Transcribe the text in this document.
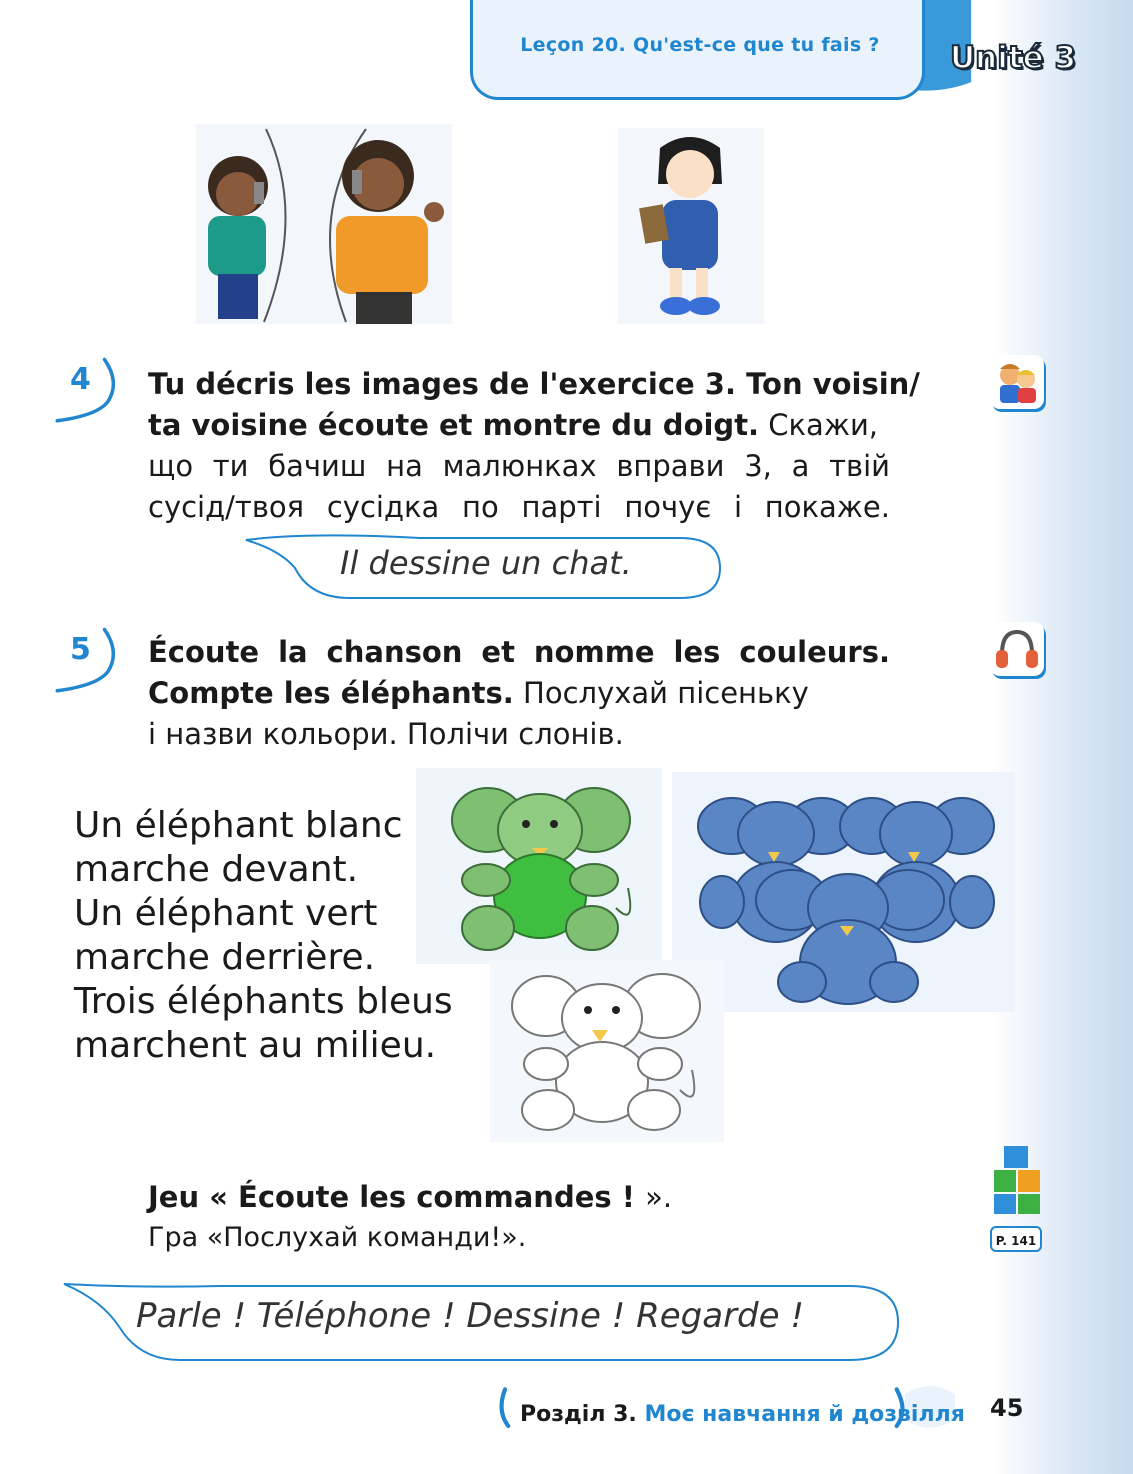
Leçon 20. Qu'est-ce que tu fais ?	Unité 3
4 Tu décris les images de l'exercice 3. Ton voisin/
ta voisine écoute et montre du doigt. Скажи,
що ти бачиш на малюнках вправи 3, а твій
сусід/твоя сусідка по парті почує і покаже.
Il dessine un chat.
5 Écoute la chanson et nomme les couleurs.
Compte les éléphants. Послухай пісеньку
і назви кольори. Полічи слонів.
Un éléphant blanc
marche devant.
Un éléphant vert
marche derrière.
Trois éléphants bleus
marchent au milieu.
Jeu « Écoute les commandes ! ».
Гра «Послухай команди!».	P. 141
Parle ! Téléphone ! Dessine ! Regarde !
Розділ 3. Моє навчання й дозвілля 45
